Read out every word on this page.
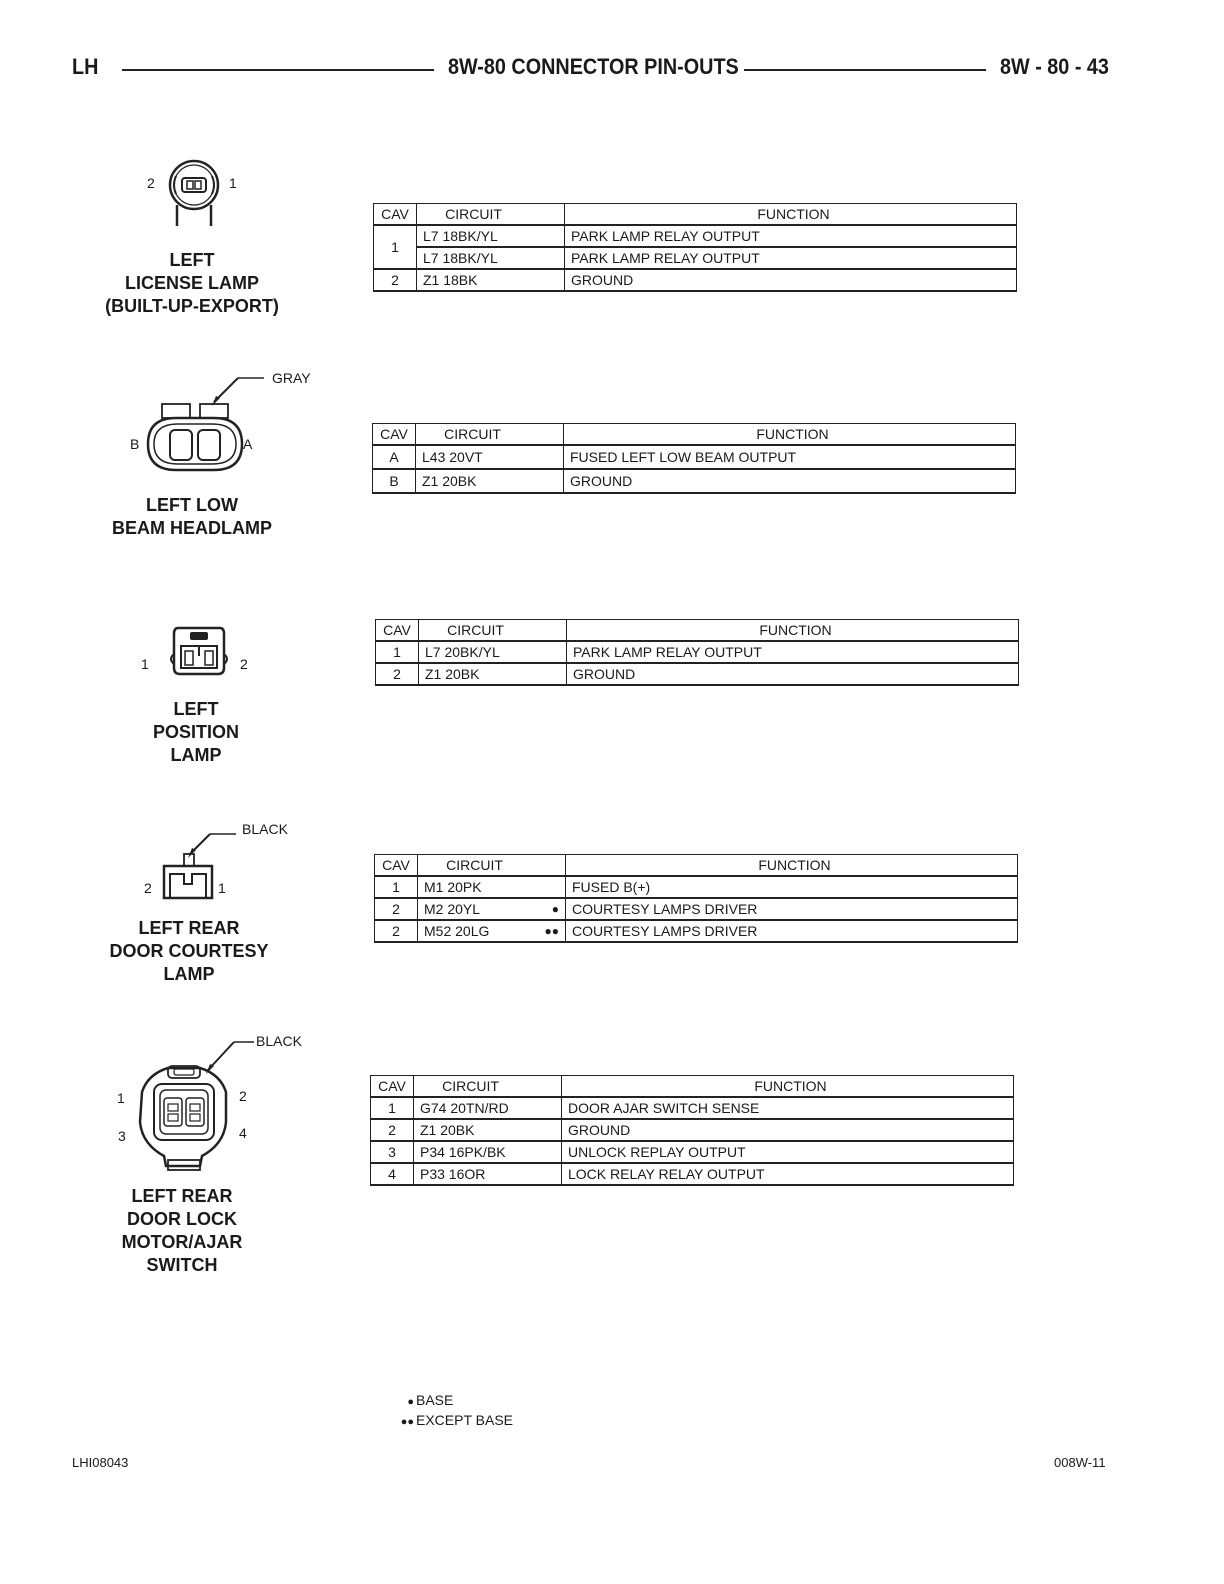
LH	8W-80 CONNECTOR PIN-OUTS	8W - 80 - 43
2	1
LEFT
LICENSE LAMP
(BUILT-UP-EXPORT)
CAV	CIRCUIT	FUNCTION
1	L7 18BK/YL	PARK LAMP RELAY OUTPUT
	L7 18BK/YL	PARK LAMP RELAY OUTPUT
2	Z1 18BK	GROUND
GRAY
B	A
LEFT LOW
BEAM HEADLAMP
CAV	CIRCUIT	FUNCTION
A	L43 20VT	FUSED LEFT LOW BEAM OUTPUT
B	Z1 20BK	GROUND
1	2
LEFT
POSITION
LAMP
CAV	CIRCUIT	FUNCTION
1	L7 20BK/YL	PARK LAMP RELAY OUTPUT
2	Z1 20BK	GROUND
BLACK
2	1
LEFT REAR
DOOR COURTESY
LAMP
CAV	CIRCUIT	FUNCTION
1	M1 20PK	FUSED B(+)
2	M2 20YL ●	COURTESY LAMPS DRIVER
2	M52 20LG ●●	COURTESY LAMPS DRIVER
BLACK
1	2
3	4
LEFT REAR
DOOR LOCK
MOTOR/AJAR
SWITCH
CAV	CIRCUIT	FUNCTION
1	G74 20TN/RD	DOOR AJAR SWITCH SENSE
2	Z1 20BK	GROUND
3	P34 16PK/BK	UNLOCK REPLAY OUTPUT
4	P33 16OR	LOCK RELAY RELAY OUTPUT
● BASE
●● EXCEPT BASE
LHI08043	008W-11
